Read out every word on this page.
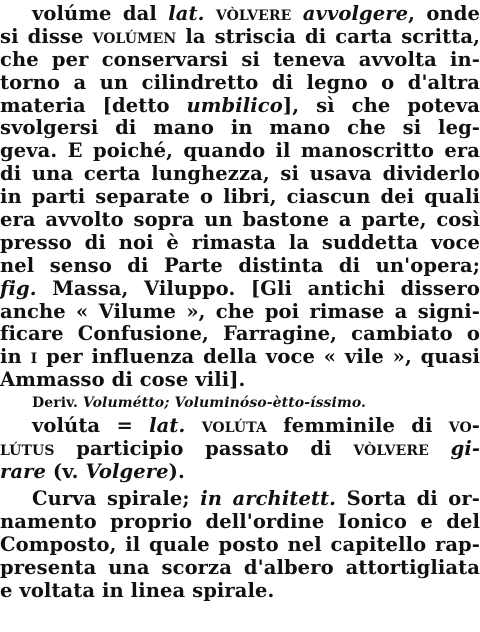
volúme dal lat. vòlvere avvolgere, onde
si disse volúmen la striscia di carta scritta,
che per conservarsi si teneva avvolta in-
torno a un cilindretto di legno o d'altra
materia [detto umbilico], sì che poteva
svolgersi di mano in mano che si leg-
geva. E poiché, quando il manoscritto era
di una certa lunghezza, si usava dividerlo
in parti separate o libri, ciascun dei quali
era avvolto sopra un bastone a parte, così
presso di noi è rimasta la suddetta voce
nel senso di Parte distinta di un'opera;
fig. Massa, Viluppo. [Gli antichi dissero
anche « Vilume », che poi rimase a signi-
ficare Confusione, Farragine, cambiato o
in i per influenza della voce « vile », quasi
Ammasso di cose vili].
Deriv. Volumétto; Voluminóso-ètto-íssimo.
volúta = lat. volúta femminile di vo-
lútus participio passato di vòlvere gi-
rare (v. Volgere).
Curva spirale; in architett. Sorta di or-
namento proprio dell'ordine Ionico e del
Composto, il quale posto nel capitello rap-
presenta una scorza d'albero attortigliata
e voltata in linea spirale.
